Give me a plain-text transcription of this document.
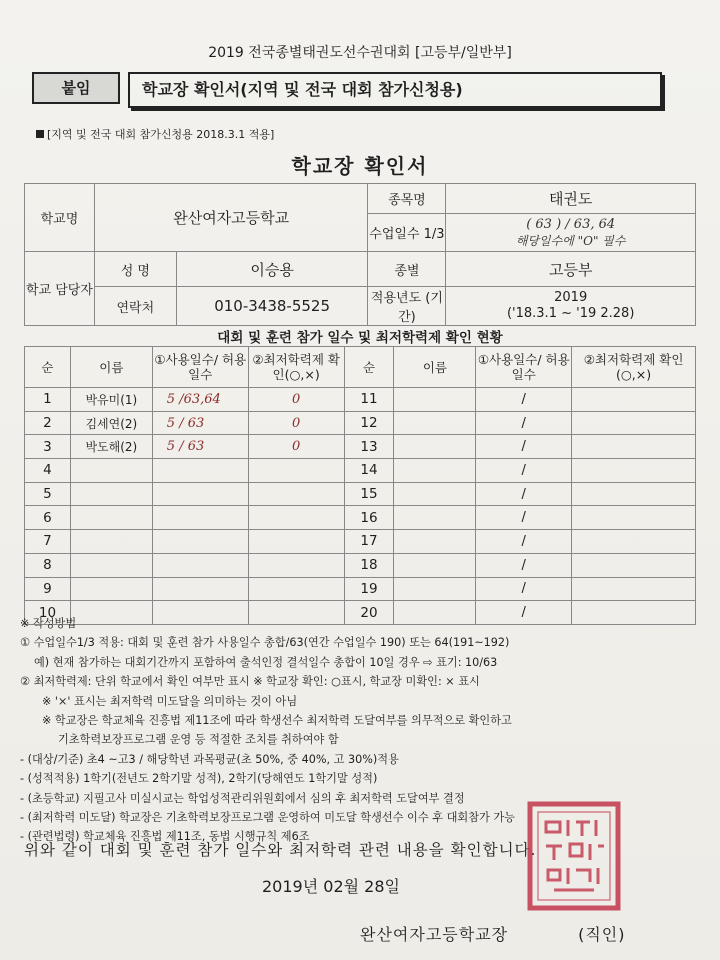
2019 전국종별태권도선수권대회 [고등부/일반부]
붙임	학교장 확인서(지역 및 전국 대회 참가신청용)
[지역 및 전국 대회 참가신청용 2018.3.1 적용]
학교장 확인서
학교명	완산여자고등학교		종목명	태권도
			수업일수 1/3	( 63 ) / 63, 64
해당일수에 "O" 필수

학교 담당자	성 명	이승용	종별	고등부
	연락처	010-3438-5525	적용년도 (기간)	2019
('18.3.1 ~ '19 2.28)
대회 및 훈련 참가 일수 및 최저학력제 확인 현황
순	이름	①사용일수/ 허용일수	②최저학력제 확인(○,×)	순	이름	①사용일수/ 허용일수	②최저학력제 확인(○,×)
1	박유미(1)	5 /63,64	0	11		/	
2	김세연(2)	5 / 63	0	12		/	
3	박도해(2)	5 / 63	0	13		/	
4				14		/	
5				15		/	
6				16		/	
7				17		/	
8				18		/	
9				19		/	
10				20		/	
※ 작성방법
① 수업일수1/3 적용: 대회 및 훈련 참가 사용일수 총합/63(연간 수업일수 190) 또는 64(191~192)
예) 현재 참가하는 대회기간까지 포함하여 출석인정 결석일수 총합이 10일 경우 ⇨ 표기: 10/63
② 최저학력제: 단위 학교에서 확인 여부만 표시 ※ 학교장 확인: ○표시, 학교장 미확인: × 표시
※ '×' 표시는 최저학력 미도달을 의미하는 것이 아님
※ 학교장은 학교체육 진흥법 제11조에 따라 학생선수 최저학력 도달여부를 의무적으로 확인하고
기초학력보장프로그램 운영 등 적절한 조치를 취하여야 함
- (대상/기준) 초4 ~고3 / 해당학년 과목평균(초 50%, 중 40%, 고 30%)적용
- (성적적용) 1학기(전년도 2학기말 성적), 2학기(당해연도 1학기말 성적)
- (초등학교) 지필고사 미실시교는 학업성적관리위원회에서 심의 후 최저학력 도달여부 결정
- (최저학력 미도달) 학교장은 기초학력보장프로그램 운영하여 미도달 학생선수 이수 후 대회참가 가능
- (관련법령) 학교체육 진흥법 제11조, 동법 시행규칙 제6조
위와 같이 대회 및 훈련 참가 일수와 최저학력 관련 내용을 확인합니다.
2019년 02월 28일
완산여자고등학교장	(직인)
